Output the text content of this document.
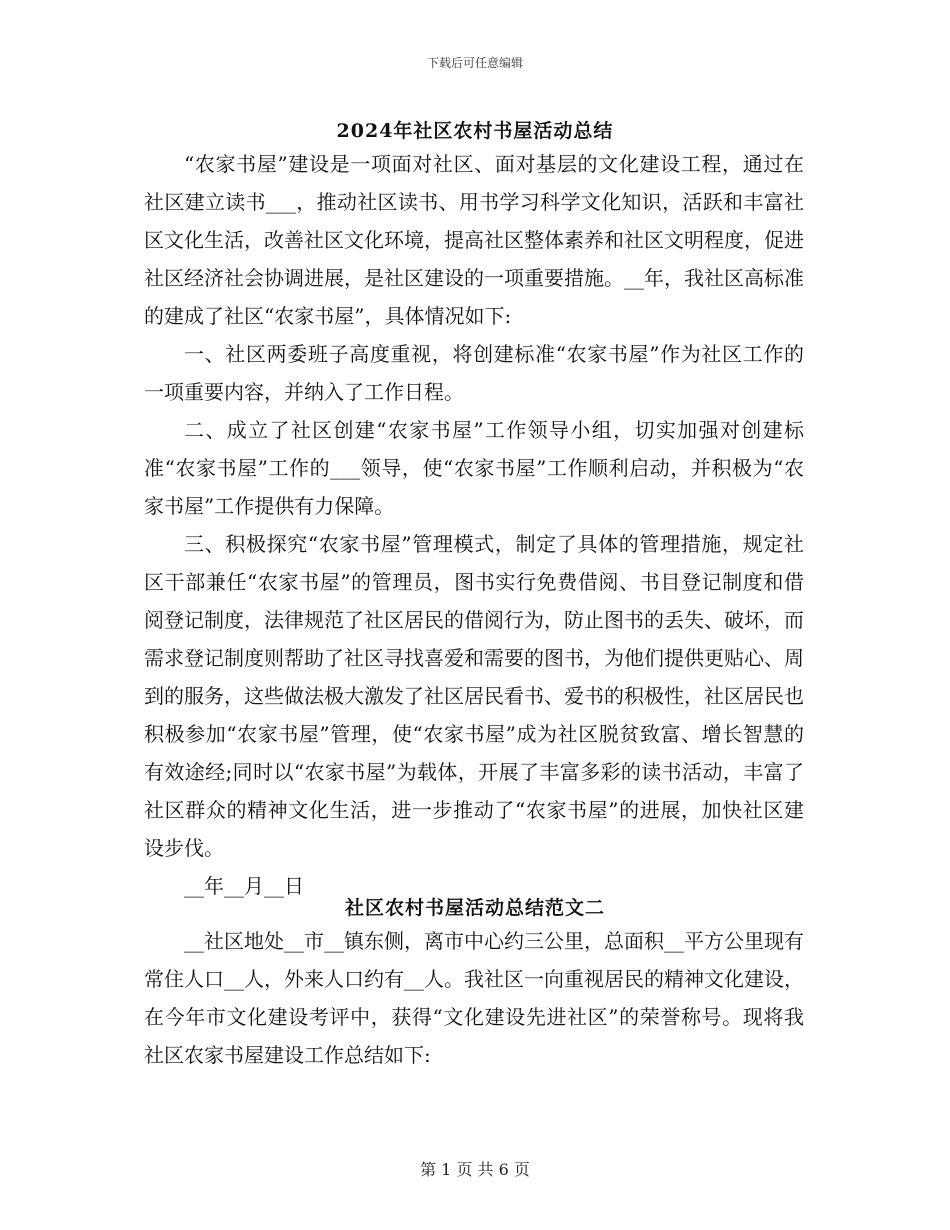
下载后可任意编辑
2024年社区农村书屋活动总结

“农家书屋”建设是一项面对社区、面对基层的文化建设工程，通过在社区建立读书___，推动社区读书、用书学习科学文化知识，活跃和丰富社区文化生活，改善社区文化环境，提高社区整体素养和社区文明程度，促进社区经济社会协调进展，是社区建设的一项重要措施。__年，我社区高标准的建成了社区“农家书屋”，具体情况如下:

一、社区两委班子高度重视，将创建标准“农家书屋”作为社区工作的一项重要内容，并纳入了工作日程。

二、成立了社区创建“农家书屋”工作领导小组，切实加强对创建标准“农家书屋”工作的___领导，使“农家书屋”工作顺利启动，并积极为“农家书屋”工作提供有力保障。

三、积极探究“农家书屋”管理模式，制定了具体的管理措施，规定社区干部兼任“农家书屋”的管理员，图书实行免费借阅、书目登记制度和借阅登记制度，法律规范了社区居民的借阅行为，防止图书的丢失、破坏，而需求登记制度则帮助了社区寻找喜爱和需要的图书，为他们提供更贴心、周到的服务，这些做法极大激发了社区居民看书、爱书的积极性，社区居民也积极参加“农家书屋”管理，使“农家书屋”成为社区脱贫致富、增长智慧的有效途经;同时以“农家书屋”为载体，开展了丰富多彩的读书活动，丰富了社区群众的精神文化生活，进一步推动了“农家书屋”的进展，加快社区建设步伐。

__年__月__日

社区农村书屋活动总结范文二

__社区地处__市__镇东侧，离市中心约三公里，总面积__平方公里现有常住人口__人，外来人口约有__人。我社区一向重视居民的精神文化建设，在今年市文化建设考评中，获得“文化建设先进社区”的荣誉称号。现将我社区农家书屋建设工作总结如下:

第 1 页 共 6 页
